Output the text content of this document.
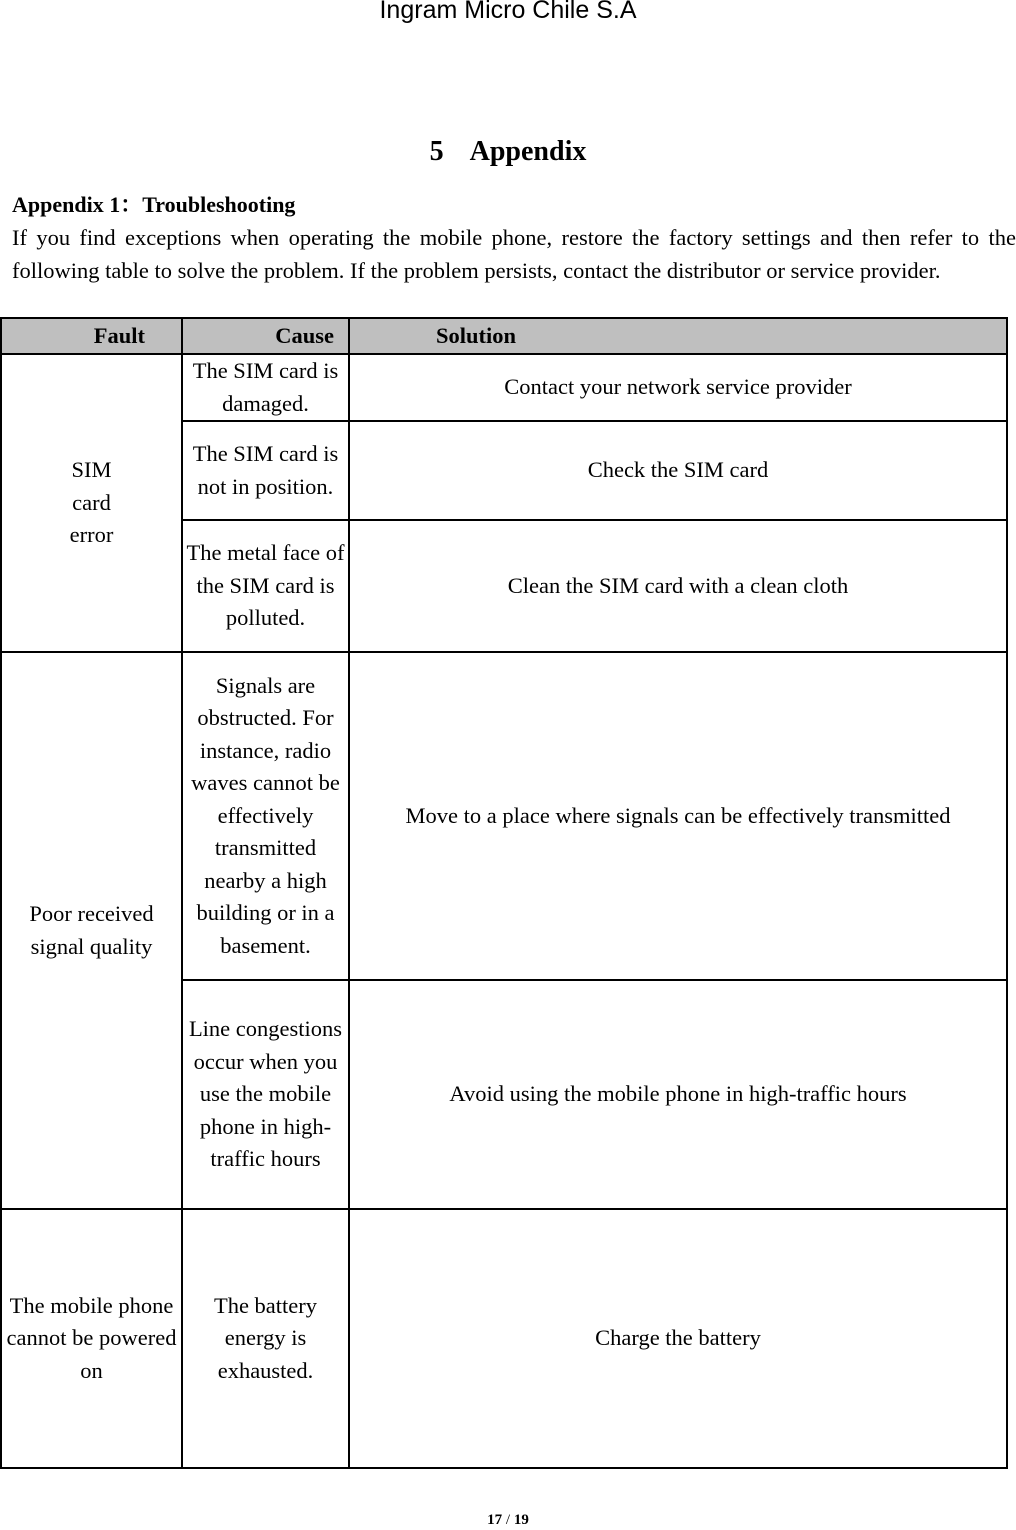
Ingram Micro Chile S.A
5 Appendix
Appendix 1：Troubleshooting
If you find exceptions when operating the mobile phone, restore the factory settings and then refer to the following table to solve the problem. If the problem persists, contact the distributor or service provider.
Fault	Cause	Solution
SIM card error	The SIM card is damaged.	Contact your network service provider
	The SIM card is not in position.	Check the SIM card
	The metal face of the SIM card is polluted.	Clean the SIM card with a clean cloth
Poor received signal quality	Signals are obstructed. For instance, radio waves cannot be effectively transmitted nearby a high building or in a basement.	Move to a place where signals can be effectively transmitted
	Line congestions occur when you use the mobile phone in high-traffic hours	Avoid using the mobile phone in high-traffic hours
The mobile phone cannot be powered on	The battery energy is exhausted.	Charge the battery
17 / 19
